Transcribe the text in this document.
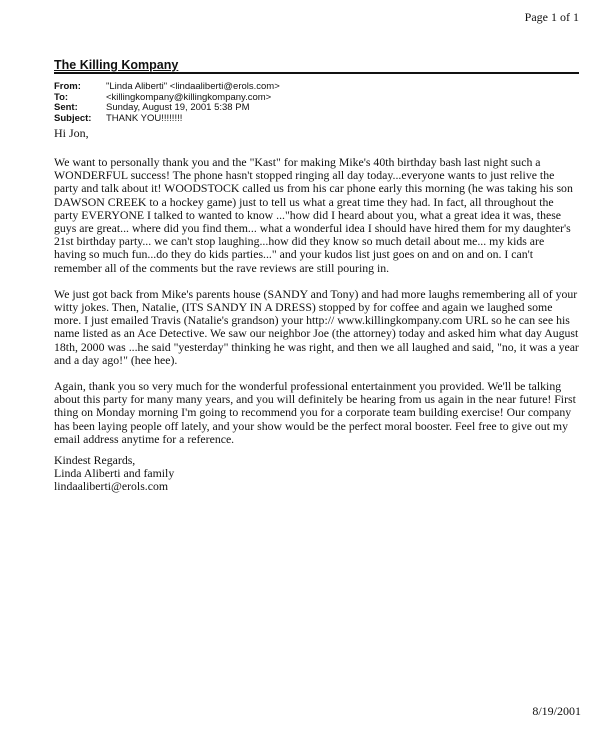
Page 1 of 1
The Killing Kompany
From:	"Linda Aliberti" <lindaaliberti@erols.com>
To:	<killingkompany@killingkompany.com>
Sent:	Sunday, August 19, 2001 5:38 PM
Subject:	THANK YOU!!!!!!!!
Hi Jon,

We want to personally thank you and the "Kast" for making Mike's 40th birthday bash last night such a WONDERFUL success! The phone hasn't stopped ringing all day today...everyone wants to just relive the party and talk about it! WOODSTOCK called us from his car phone early this morning (he was taking his son DAWSON CREEK to a hockey game) just to tell us what a great time they had. In fact, all throughout the party EVERYONE I talked to wanted to know ..."how did I heard about you, what a great idea it was, these guys are great... where did you find them... what a wonderful idea I should have hired them for my daughter's 21st birthday party... we can't stop laughing...how did they know so much detail about me... my kids are having so much fun...do they do kids parties..." and your kudos list just goes on and on and on. I can't remember all of the comments but the rave reviews are still pouring in.

We just got back from Mike's parents house (SANDY and Tony) and had more laughs remembering all of your witty jokes. Then, Natalie, (ITS SANDY IN A DRESS) stopped by for coffee and again we laughed some more. I just emailed Travis (Natalie's grandson) your http:// www.killingkompany.com URL so he can see his name listed as an Ace Detective. We saw our neighbor Joe (the attorney) today and asked him what day August 18th, 2000 was ...he said "yesterday" thinking he was right, and then we all laughed and said, "no, it was a year and a day ago!" (hee hee).

Again, thank you so very much for the wonderful professional entertainment you provided. We'll be talking about this party for many many years, and you will definitely be hearing from us again in the near future! First thing on Monday morning I'm going to recommend you for a corporate team building exercise! Our company has been laying people off lately, and your show would be the perfect moral booster. Feel free to give out my email address anytime for a reference.

Kindest Regards,
Linda Aliberti and family
lindaaliberti@erols.com
8/19/2001
